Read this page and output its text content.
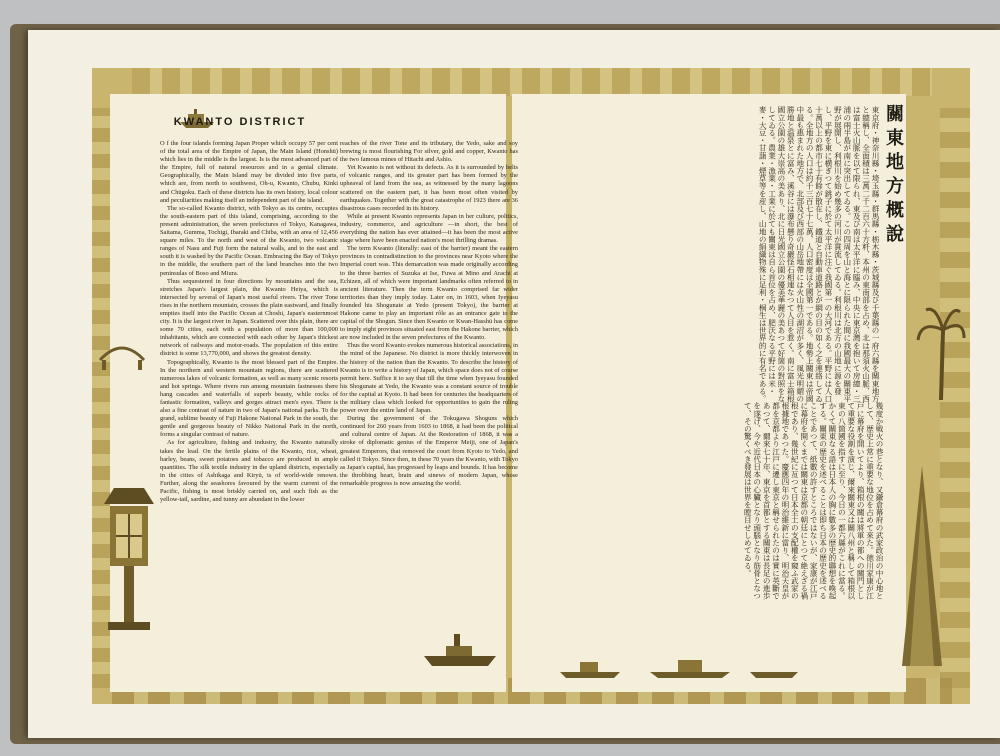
KWANTO DISTRICT

O f the four islands forming Japan Proper which occupy 57 per cent of the total area of the Empire of Japan, the Main Island (Honshū) which lies in the middle is the largest. Is is the most advanced part of the Empire, full of natural resources and in a genial climate. Geographically, the Main Island may be divided into five parts, which are, from north to southwest, Oh-u, Kwanto, Chubu, Kinki and Chūgoku. Each of these districts has its own history, local colour and peculiarities making itself an independent part of the island.

The so-called Kwanto district, with Tokyo as its centre, occupies the south-eastern part of this island, comprising, according to the present administration, the seven prefectures of Tokyo, Kanagawa, Saitama, Gumma, Tochigi, Ibaraki and Chiba, with an area of 12,456 square miles. To the north and west of the Kwanto, two volcanic ranges of Nasu and Fuji form the natural walls, and to the east and south it is washed by the Pacific Ocean. Embracing the Bay of Tokyo in the middle, the southern part of the land branches into the two peninsulas of Boso and Miura.

Thus sequestered in four directions by mountains and the sea, stretches Japan's largest plain, the Kwanto Heiya, which is intersected by several of Japan's most useful rivers. The river Tone rises in the northern mountain, crosses the plain eastward, and finally empties itself into the Pacific Ocean at Choshi, Japan's easternmost city. It is the largest river in Japan. Scattered over this plain, there are some 70 cities, each with a population of more than 100,000 inhabitants, which are connected with each other by Japan's thickest network of railways and motor-roads. The population of this entire district is some 13,770,000, and shows the greatest density.

Topographically, Kwanto is the most blessed part of the Empire. In the northern and western mountain regions, there are scattered numerous lakes of volcanic formation, as well as many scenic resorts and hot springs. Where rivers run among mountain fastnesses there hang cascades and waterfalls of superb beauty, while rocks of fantastic formation, valleys and gorges attract men's eyes. There is also a fine contrast of nature in two of Japan's national parks. To the grand, sublime beauty of Fuji Hakone National Park in the south, the gentle and gorgeous beauty of Nikko National Park in the north, forms a singular contrast of nature.

As for agriculture, fishing and industry, the Kwanto naturally takes the lead. On the fertile plains of the Kwanto, rice, wheat, barley, beans, sweet potatoes and tobacco are produced in ample quantities. The silk textile industry in the upland districts, especially in the cities of Ashikaga and Kiryū, is of world-wide renown. Further, along the seashores favoured by the warm current of the Pacific, fishing is most briskly carried on, and such fish as the yellow-tail, sardine, and tunny are abundant in the lower

reaches of the river Tone and its tributary, the Yedo, sake and soy brewing is most flourishing For silver, gold and copper, Kwanto has the two famous mines of Hitachi and Ashio.

Yet Kwanto is not without its defects. As it is surrounded by belts of volcanic ranges, and its greater part has been formed by the upheaval of land from the sea, as witnessed by the many lagoons scattered on the eastern part, it has been most often visited by earthquakes. Together with the great catastrophe of 1923 there are 36 disastrous cases recorded in its history.

While at present Kwanto represents Japan in her culture, politics, industry, commerce, and agriculture —in short, the best of everything the nation has ever attained—it has been the most active stage where have been enacted nation's most thrilling dramas.

The term Kwanto (literally: east of the barrier) meant the eastern provinces in contradistinction to the provinces near Kyoto where the Imperial court was. This demarcation was made originally according to the three barries of Suzuka at Ise, Fuwa at Mino and Arachi at Echizen, all of which were important landmarks often referred to in ancient literature. Then the term Kwanto comprised far wider territories than they imply today. Later on, in 1603, when Iyeyasu founded his Shogunate at Yedo (present Tokyo), the barrier at Hakone came to play an important rôle as an entrance gate to the capital of the Shogun. Since then Kwanto or Kwan-Hasshū has come to imply eight provinces situated east from the Hakone barrier, which are now included in the seven prefectures of the Kwanto.

Thus the word Kwanto evokes numerous historical associations, in the mind of the Japanese. No district is more thickly interwoven in the history of the nation than the Kwanto. To describe the history of Kwanto is to write a history of Japan, which space does not of course permit here. Suffice it to say that till the time when Iyeyasu founded his Shogunate at Yedo, the Kwanto was a constant source of trouble for the capital at Kyoto. It had been for centuries the headquarters of the military class which looked for opportunities to gain the ruling power over the entire land of Japan.

During the government of the Tokugawa Shoguns which continued for 260 years from 1603 to 1868, it had been the political and cultural centre of Japan. At the Restoration of 1868, it was a stroke of diplomatic genius of the Emperor Meiji, one of Japan's greatest Emperors, that removed the court from Kyoto to Yedo, and called it Tokyo. Since then, in these 70 years the Kwanto, with Tokyo as Japan's capital, has progressed by leaps and bounds. It has become the throbbing heart, brain and sinews of modern Japan, whose remarkable progress is now amazing the world.

關東地方概說
東京府・神奈川縣・埼玉縣・群馬縣・栃木縣・茨城縣及び千葉縣の一府六縣を關東地方と總稱し、全面積は三萬二千二百六十方粁、本州の東南部を占め、北は那須火山脈、西は富士火山脈を以て限られ、東及び南は太平洋に臨み、中央に東京灣を抱いて房總・三浦の兩半島が南に突出してゐる。この四周を山と海とに限られた間に我國最大の關東平野が展開し、利根川を始め幾多の河川が貫流してゐる。利根川は北方の山地に源を發し、平野を東に横ぎつて銚子に於て太平洋に注ぐ我國第一の大河である。平野には人口十萬以上の都市七十有餘が散在し、鐵道と自動車道路とが網の目の如く之を連絡してゐる。全地方の人口は約千三百七十七萬、人口密度は全國第一である。地勢上關東は帝國中最も惠まれた地方で、北部及び西部の山岳地帶には火山性の湖沼が多く、風光明媚の勝地と温泉とに富み、溪谷には瀑布懸り奇巖怪石相連なつて人目を惹く。南に富士箱根國立公園の雄大崇高の美あり、北に日光國立公園の優美華麗の美あつて好箇の對照をなしてゐる。農業・漁業・工業に於ても關東は自ら首位を占め、肥沃なる平野には米・麥・大豆・甘藷・煙草等を産し、山地の絹織物殊に足利・桐生は世界的に有名である。
幾度か戦火の巷となり、又鎌倉幕府の武家政治の中心地として、歴史上常に重要な地位を占めて來た。徳川家康が江戸に幕府を開いてより、箱根の關は將軍の都への關門として重要な役割を演じ、爾來關東又は關八州と稱して箱根以東の八箇國を指すに至り、今日の一都六縣がこれに當る。かくて關東なる語は日本人の胸に數多の歴史的聯想を喚起する。關東の歴史を述べることは即ち日本の歴史を述べることであつて、紙數の許すところではないが、家康が江戸に幕府を開くまでは關東は京都の朝廷にとつて絶えざる禍根であり、幾世紀に亙つて日本全土の支配權を窺ふ武家の根據地であつた。慶應四年の明治維新に當り、明治天皇が都を京都より江戸に遷し東京と稱せられたのは實に英斷であつて、爾來七十年、東京を首都とする關東は長足の進歩を遂げ、今や近代日本の心臟となり頭腦となり筋骨となつて、その驚くべき發展は世界を瞠目せしめてゐる。
